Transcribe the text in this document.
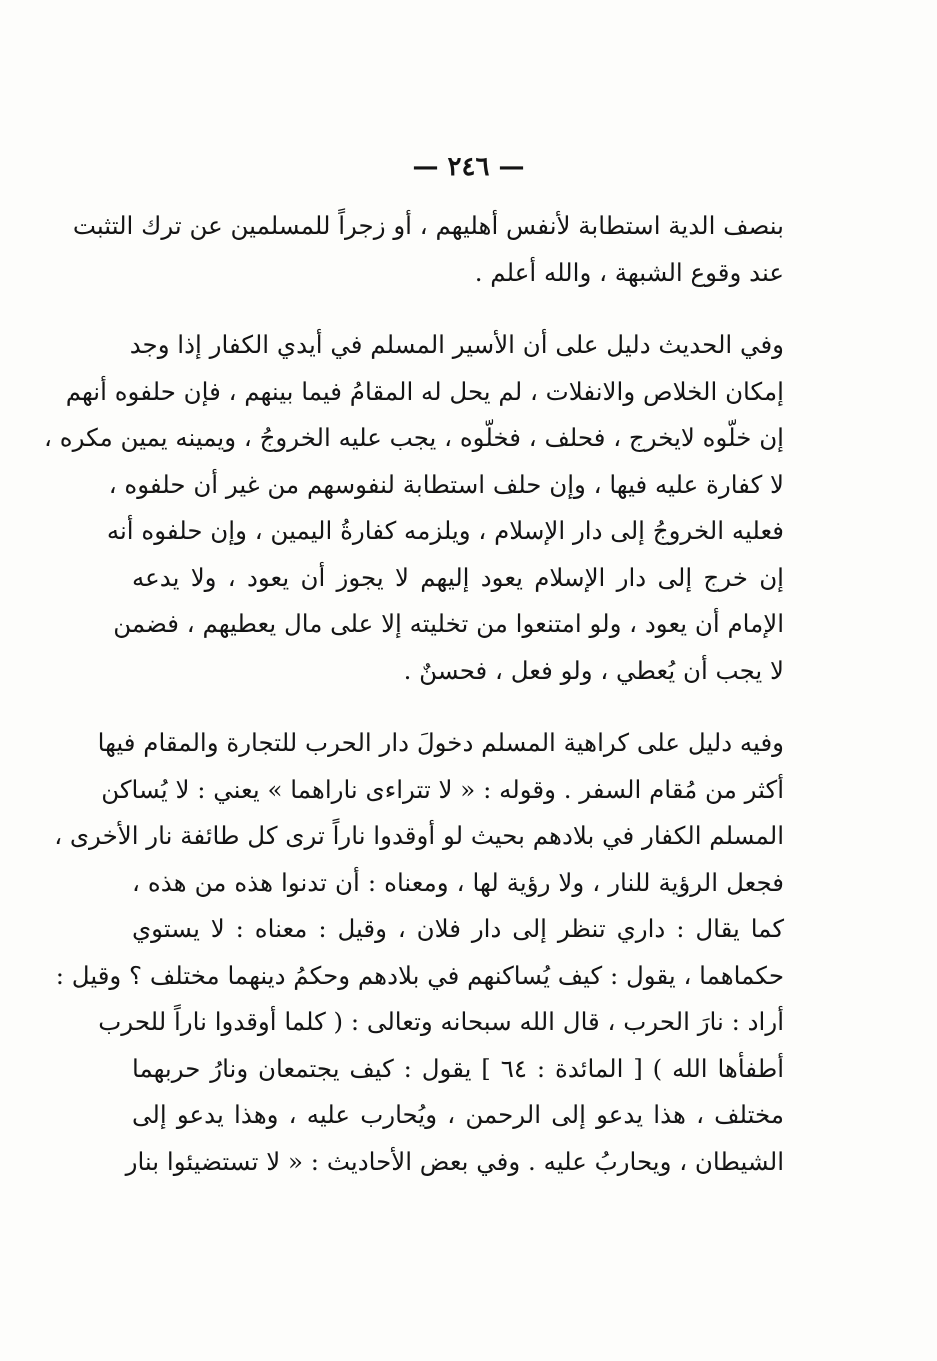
— ٢٤٦ —
بنصف الدية استطابة لأنفس أهليهم ، أو زجراً للمسلمين عن ترك التثبت
عند وقوع الشبهة ، والله أعلم .
وفي الحديث دليل على أن الأسير المسلم في أيدي الكفار إذا وجد
إمكان الخلاص والانفلات ، لم يحل له المقامُ فيما بينهم ، فإن حلفوه أنهم
إن خلّوه لايخرج ، فحلف ، فخلّوه ، يجب عليه الخروجُ ، ويمينه يمين مكره ،
لا كفارة عليه فيها ، وإن حلف استطابة لنفوسهم من غير أن حلفوه ،
فعليه الخروجُ إلى دار الإسلام ، ويلزمه كفارةُ اليمين ، وإن حلفوه أنه
إن خرج إلى دار الإسلام يعود إليهم لا يجوز أن يعود ، ولا يدعه
الإمام أن يعود ، ولو امتنعوا من تخليته إلا على مال يعطيهم ، فضمن
لا يجب أن يُعطي ، ولو فعل ، فحسنٌ .
وفيه دليل على كراهية المسلم دخولَ دار الحرب للتجارة والمقام فيها
أكثر من مُقام السفر . وقوله : « لا تتراءى ناراهما » يعني : لا يُساكن
المسلم الكفار في بلادهم بحيث لو أوقدوا ناراً ترى كل طائفة نار الأخرى ،
فجعل الرؤية للنار ، ولا رؤية لها ، ومعناه : أن تدنوا هذه من هذه ،
كما يقال : داري تنظر إلى دار فلان ، وقيل : معناه : لا يستوي
حكماهما ، يقول : كيف يُساكنهم في بلادهم وحكمُ دينهما مختلف ؟ وقيل :
أراد : نارَ الحرب ، قال الله سبحانه وتعالى : ( كلما أوقدوا ناراً للحرب
أطفأها الله ) [ المائدة : ٦٤ ] يقول : كيف يجتمعان ونارُ حربهما
مختلف ، هذا يدعو إلى الرحمن ، ويُحارب عليه ، وهذا يدعو إلى
الشيطان ، ويحاربُ عليه . وفي بعض الأحاديث : « لا تستضيئوا بنار
